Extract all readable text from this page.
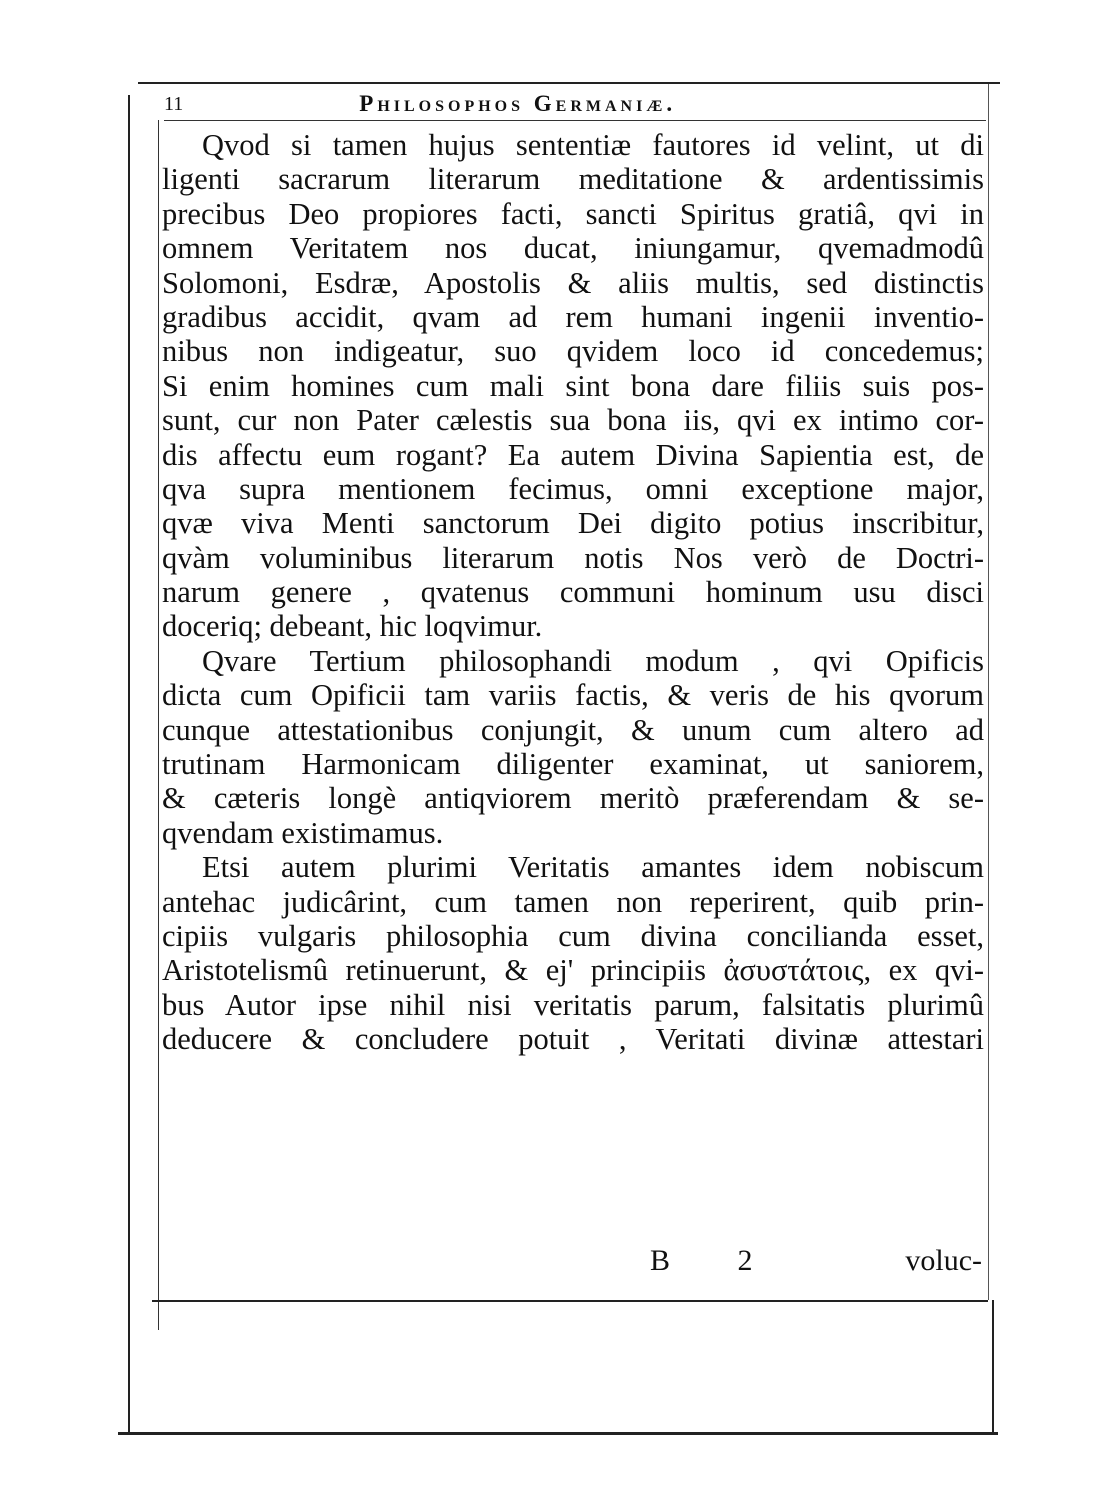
11	Philosophos Germaniæ.
Qvod si tamen hujus sententiæ fautores id velint, ut di
ligenti sacrarum literarum meditatione & ardentissimis
precibus Deo propiores facti, sancti Spiritus gratiâ, qvi in
omnem Veritatem nos ducat, iniungamur, qvemadmodû
Solomoni, Esdræ, Apostolis & aliis multis, sed distinctis
gradibus accidit, qvam ad rem humani ingenii inventio-
nibus non indigeatur, suo qvidem loco id concedemus;
Si enim homines cum mali sint bona dare filiis suis pos-
sunt, cur non Pater cælestis sua bona iis, qvi ex intimo cor-
dis affectu eum rogant? Ea autem Divina Sapientia est, de
qva supra mentionem fecimus, omni exceptione major,
qvæ viva Menti sanctorum Dei digito potius inscribitur,
qvàm voluminibus literarum notis Nos verò de Doctri-
narum genere , qvatenus communi hominum usu disci
doceriq; debeant, hic loqvimur.
Qvare Tertium philosophandi modum , qvi Opificis
dicta cum Opificii tam variis factis, & veris de his qvorum
cunque attestationibus conjungit, & unum cum altero ad
trutinam Harmonicam diligenter examinat, ut saniorem,
& cæteris longè antiqviorem meritò præferendam & se-
qvendam existimamus.
Etsi autem plurimi Veritatis amantes idem nobiscum
antehac judicârint, cum tamen non reperirent, quib prin-
cipiis vulgaris philosophia cum divina concilianda esset,
Aristotelismû retinuerunt, & ej' principiis ἀσυστάτοις, ex qvi-
bus Autor ipse nihil nisi veritatis parum, falsitatis plurimû
deducere & concludere potuit , Veritati divinæ attestari
B 2	voluc-
